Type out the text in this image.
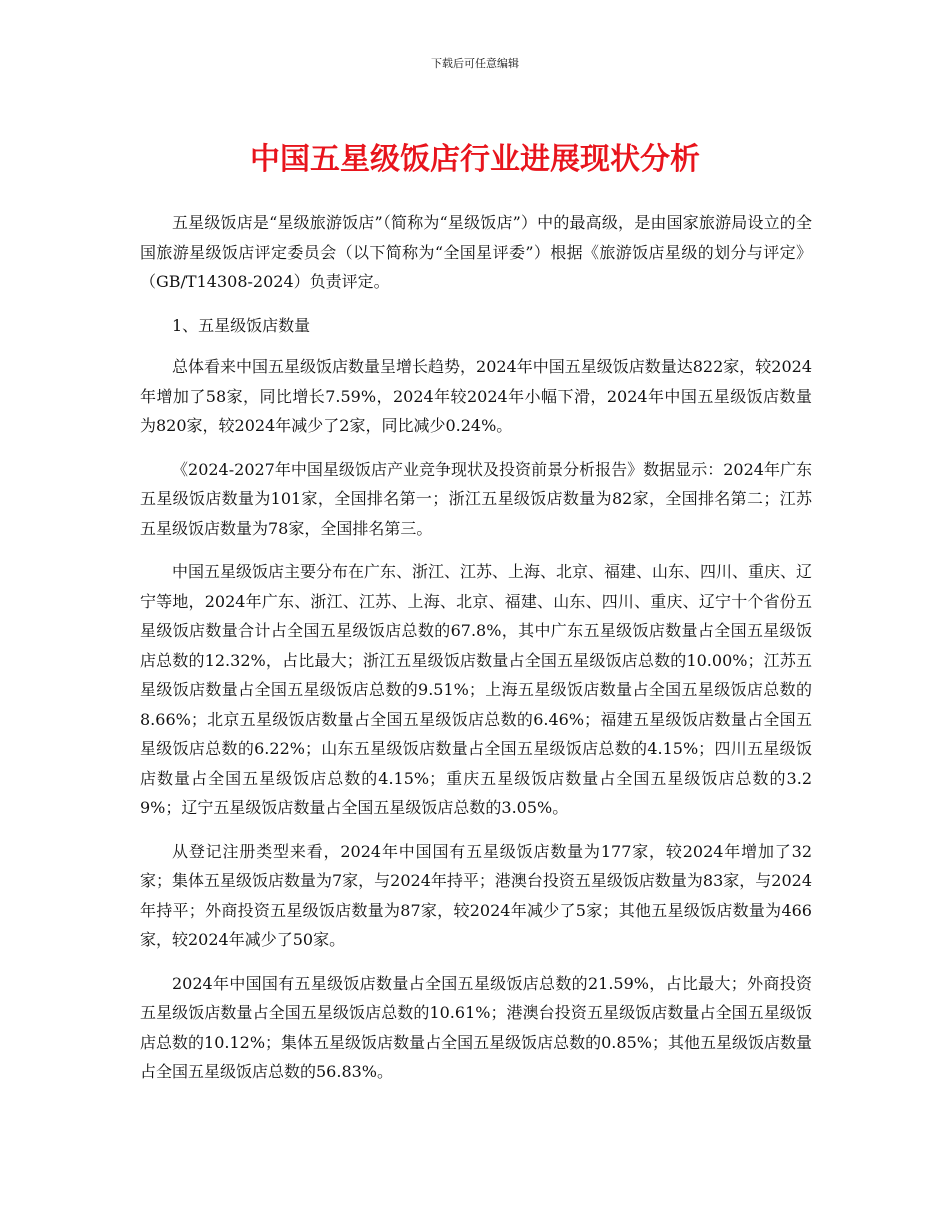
下载后可任意编辑
中国五星级饭店行业进展现状分析

五星级饭店是“星级旅游饭店”（简称为“星级饭店”）中的最高级，是由国家旅游局设立的全国旅游星级饭店评定委员会（以下简称为“全国星评委”）根据《旅游饭店星级的划分与评定》（GB/T14308-2024）负责评定。

1、五星级饭店数量

总体看来中国五星级饭店数量呈增长趋势，2024年中国五星级饭店数量达822家，较2024年增加了58家，同比增长7.59%，2024年较2024年小幅下滑，2024年中国五星级饭店数量为820家，较2024年减少了2家，同比减少0.24%。

《2024-2027年中国星级饭店产业竞争现状及投资前景分析报告》数据显示：2024年广东五星级饭店数量为101家，全国排名第一；浙江五星级饭店数量为82家，全国排名第二；江苏五星级饭店数量为78家，全国排名第三。

中国五星级饭店主要分布在广东、浙江、江苏、上海、北京、福建、山东、四川、重庆、辽宁等地，2024年广东、浙江、江苏、上海、北京、福建、山东、四川、重庆、辽宁十个省份五星级饭店数量合计占全国五星级饭店总数的67.8%，其中广东五星级饭店数量占全国五星级饭店总数的12.32%，占比最大；浙江五星级饭店数量占全国五星级饭店总数的10.00%；江苏五星级饭店数量占全国五星级饭店总数的9.51%；上海五星级饭店数量占全国五星级饭店总数的8.66%；北京五星级饭店数量占全国五星级饭店总数的6.46%；福建五星级饭店数量占全国五星级饭店总数的6.22%；山东五星级饭店数量占全国五星级饭店总数的4.15%；四川五星级饭店数量占全国五星级饭店总数的4.15%；重庆五星级饭店数量占全国五星级饭店总数的3.29%；辽宁五星级饭店数量占全国五星级饭店总数的3.05%。

从登记注册类型来看，2024年中国国有五星级饭店数量为177家，较2024年增加了32家；集体五星级饭店数量为7家，与2024年持平；港澳台投资五星级饭店数量为83家，与2024年持平；外商投资五星级饭店数量为87家，较2024年减少了5家；其他五星级饭店数量为466家，较2024年减少了50家。

2024年中国国有五星级饭店数量占全国五星级饭店总数的21.59%，占比最大；外商投资五星级饭店数量占全国五星级饭店总数的10.61%；港澳台投资五星级饭店数量占全国五星级饭店总数的10.12%；集体五星级饭店数量占全国五星级饭店总数的0.85%；其他五星级饭店数量占全国五星级饭店总数的56.83%。
